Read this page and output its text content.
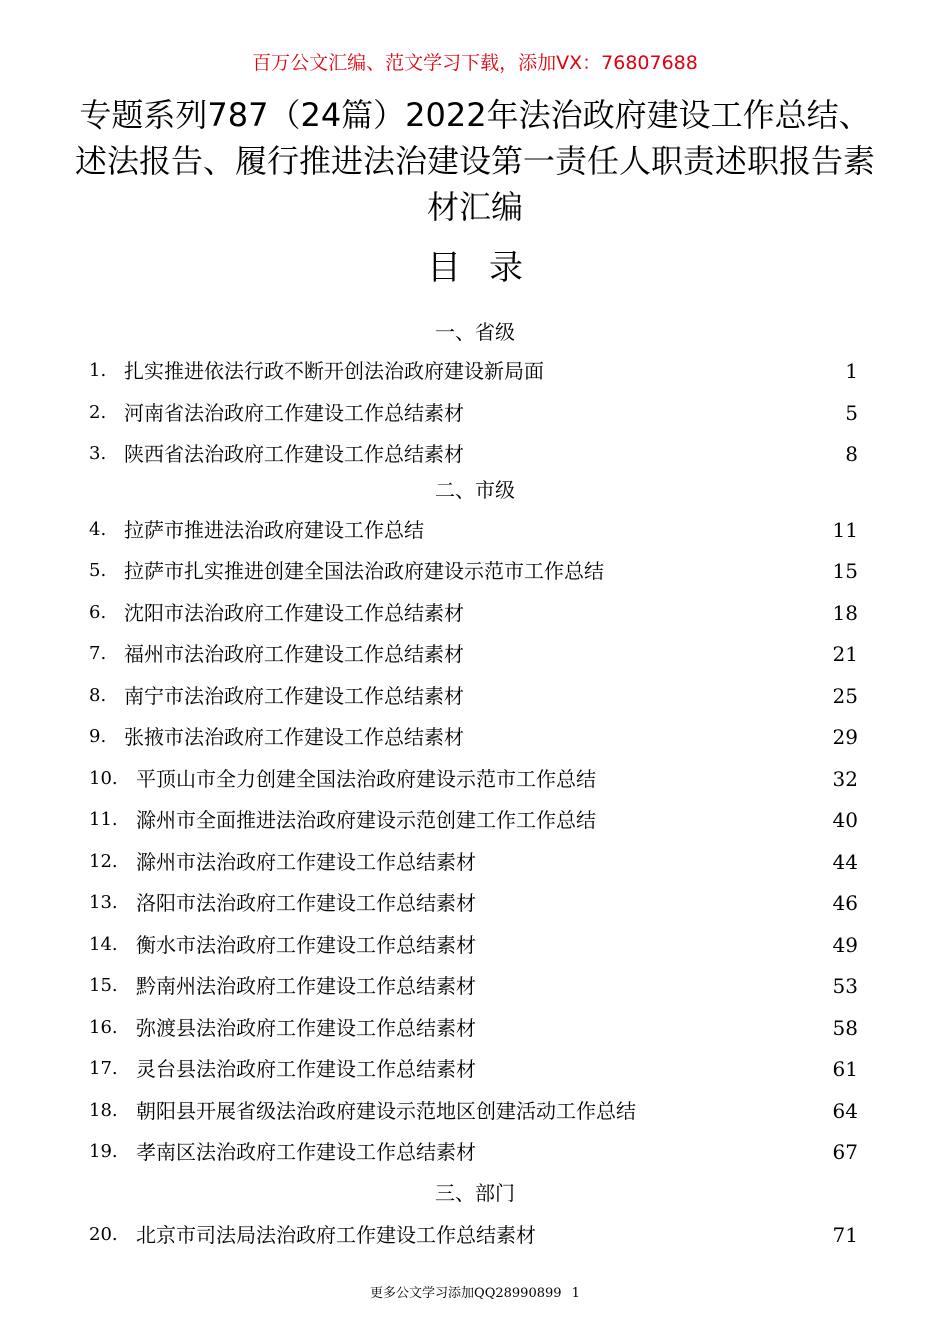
百万公文汇编、范文学习下载，添加VX：76807688
专题系列787（24篇）2022年法治政府建设工作总结、述法报告、履行推进法治建设第一责任人职责述职报告素材汇编
目录
一、省级
1. 扎实推进依法行政不断开创法治政府建设新局面	1
2. 河南省法治政府工作建设工作总结素材	5
3. 陕西省法治政府工作建设工作总结素材	8
二、市级
4. 拉萨市推进法治政府建设工作总结	11
5. 拉萨市扎实推进创建全国法治政府建设示范市工作总结	15
6. 沈阳市法治政府工作建设工作总结素材	18
7. 福州市法治政府工作建设工作总结素材	21
8. 南宁市法治政府工作建设工作总结素材	25
9. 张掖市法治政府工作建设工作总结素材	29
10. 平顶山市全力创建全国法治政府建设示范市工作总结	32
11. 滁州市全面推进法治政府建设示范创建工作工作总结	40
12. 滁州市法治政府工作建设工作总结素材	44
13. 洛阳市法治政府工作建设工作总结素材	46
14. 衡水市法治政府工作建设工作总结素材	49
15. 黔南州法治政府工作建设工作总结素材	53
16. 弥渡县法治政府工作建设工作总结素材	58
17. 灵台县法治政府工作建设工作总结素材	61
18. 朝阳县开展省级法治政府建设示范地区创建活动工作总结	64
19. 孝南区法治政府工作建设工作总结素材	67
三、部门
20. 北京市司法局法治政府工作建设工作总结素材	71
更多公文学习添加QQ28990899 1
